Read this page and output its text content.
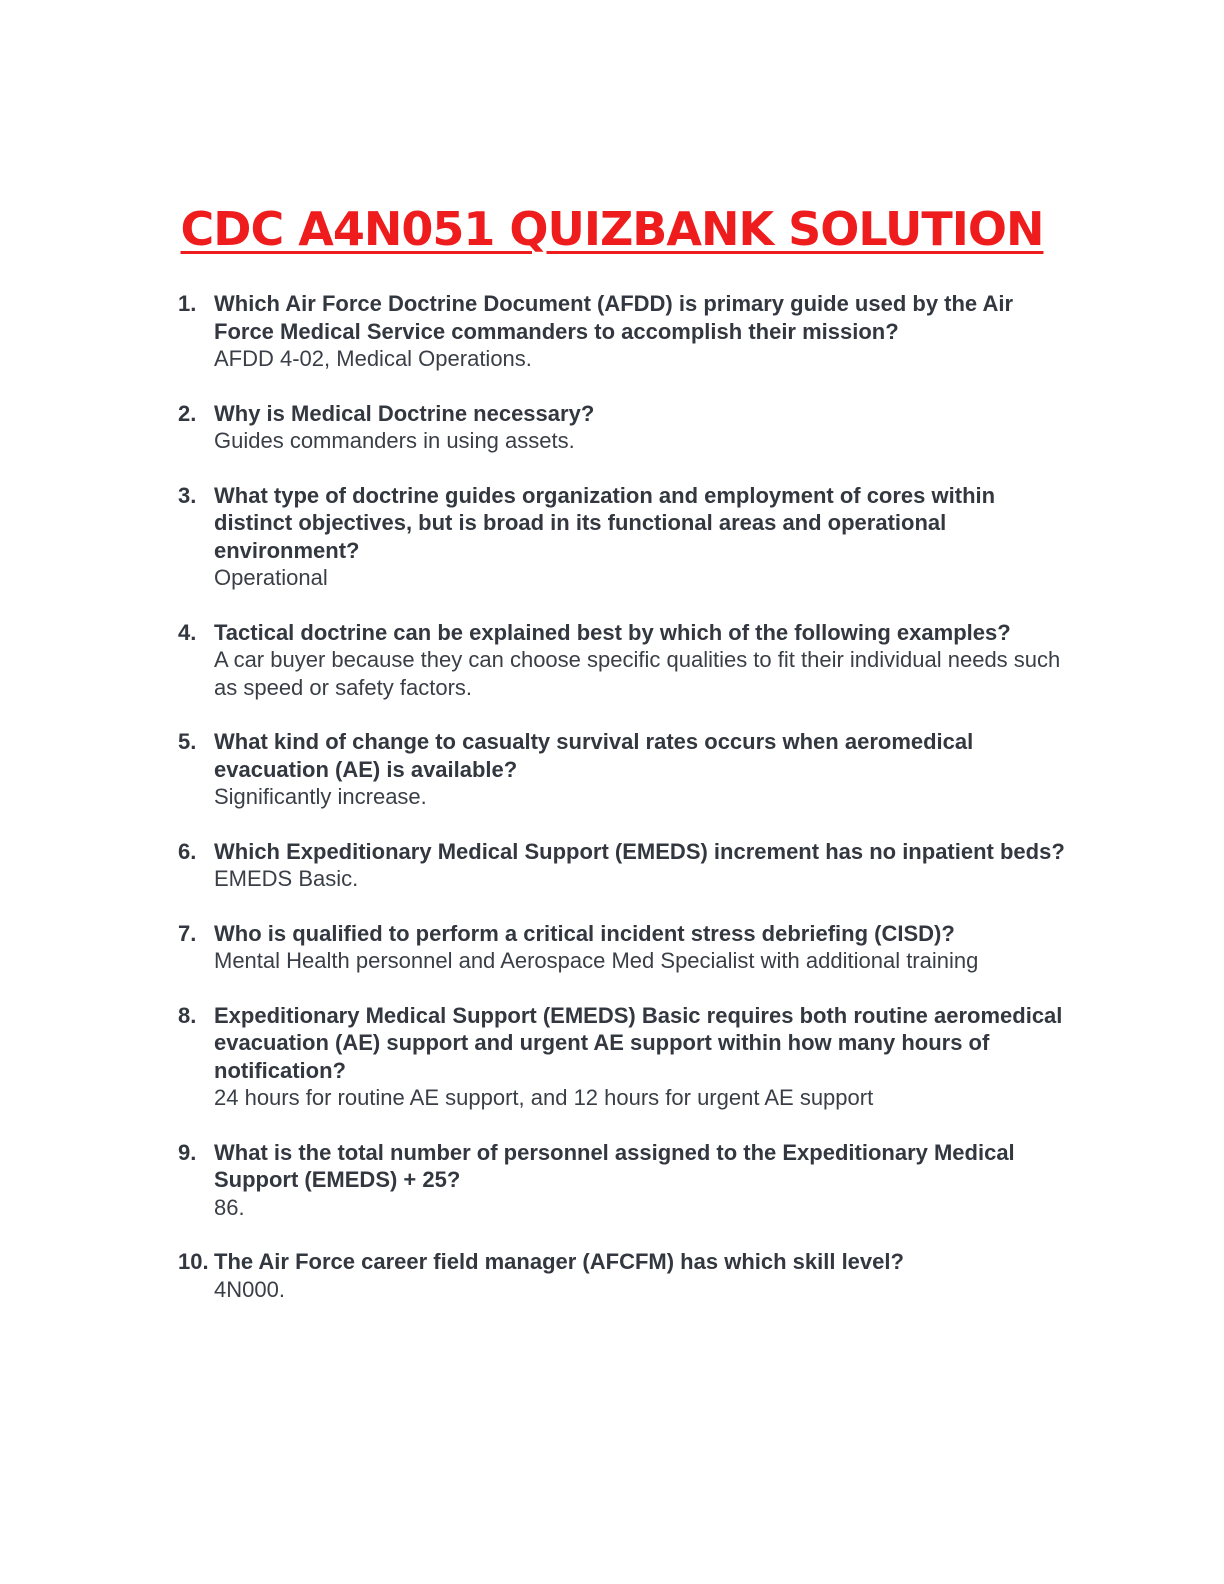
CDC A4N051 QUIZBANK SOLUTION
1. Which Air Force Doctrine Document (AFDD) is primary guide used by the Air Force Medical Service commanders to accomplish their mission?
AFDD 4-02, Medical Operations.
2. Why is Medical Doctrine necessary?
Guides commanders in using assets.
3. What type of doctrine guides organization and employment of cores within distinct objectives, but is broad in its functional areas and operational environment?
Operational
4. Tactical doctrine can be explained best by which of the following examples?
A car buyer because they can choose specific qualities to fit their individual needs such as speed or safety factors.
5. What kind of change to casualty survival rates occurs when aeromedical evacuation (AE) is available?
Significantly increase.
6. Which Expeditionary Medical Support (EMEDS) increment has no inpatient beds?
EMEDS Basic.
7. Who is qualified to perform a critical incident stress debriefing (CISD)?
Mental Health personnel and Aerospace Med Specialist with additional training
8. Expeditionary Medical Support (EMEDS) Basic requires both routine aeromedical evacuation (AE) support and urgent AE support within how many hours of notification?
24 hours for routine AE support, and 12 hours for urgent AE support
9. What is the total number of personnel assigned to the Expeditionary Medical Support (EMEDS) + 25?
86.
10. The Air Force career field manager (AFCFM) has which skill level?
4N000.
